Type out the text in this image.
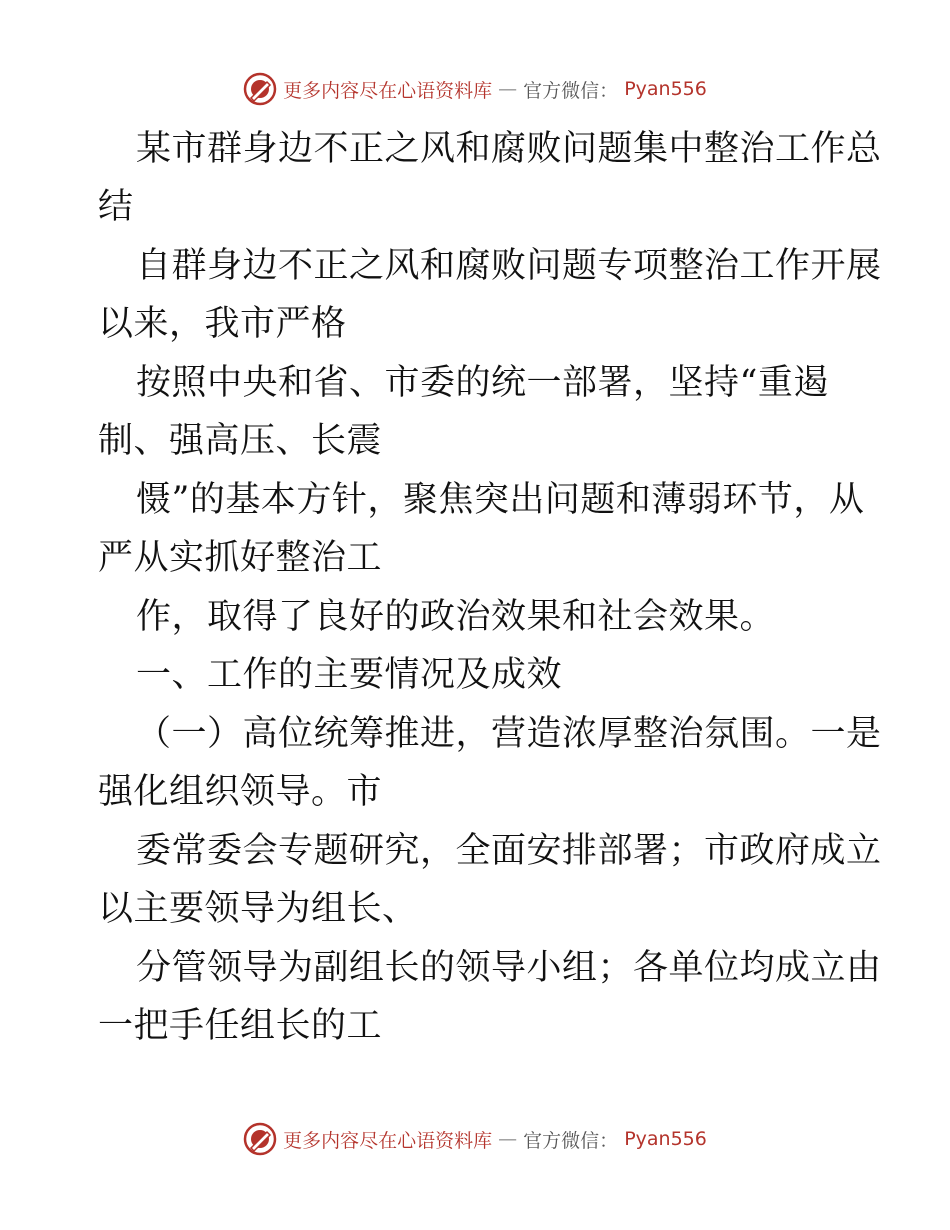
更多内容尽在心语资料库 — 官方微信： Pyan556
某市群身边不正之风和腐败问题集中整治工作总
结
自群身边不正之风和腐败问题专项整治工作开展
以来，我市严格
按照中央和省、市委的统一部署，坚持“重遏
制、强高压、长震
慑”的基本方针，聚焦突出问题和薄弱环节，从
严从实抓好整治工
作，取得了良好的政治效果和社会效果。
一、工作的主要情况及成效
（一）高位统筹推进，营造浓厚整治氛围。一是
强化组织领导。市
委常委会专题研究，全面安排部署；市政府成立
以主要领导为组长、
分管领导为副组长的领导小组；各单位均成立由
一把手任组长的工
更多内容尽在心语资料库 — 官方微信： Pyan556
